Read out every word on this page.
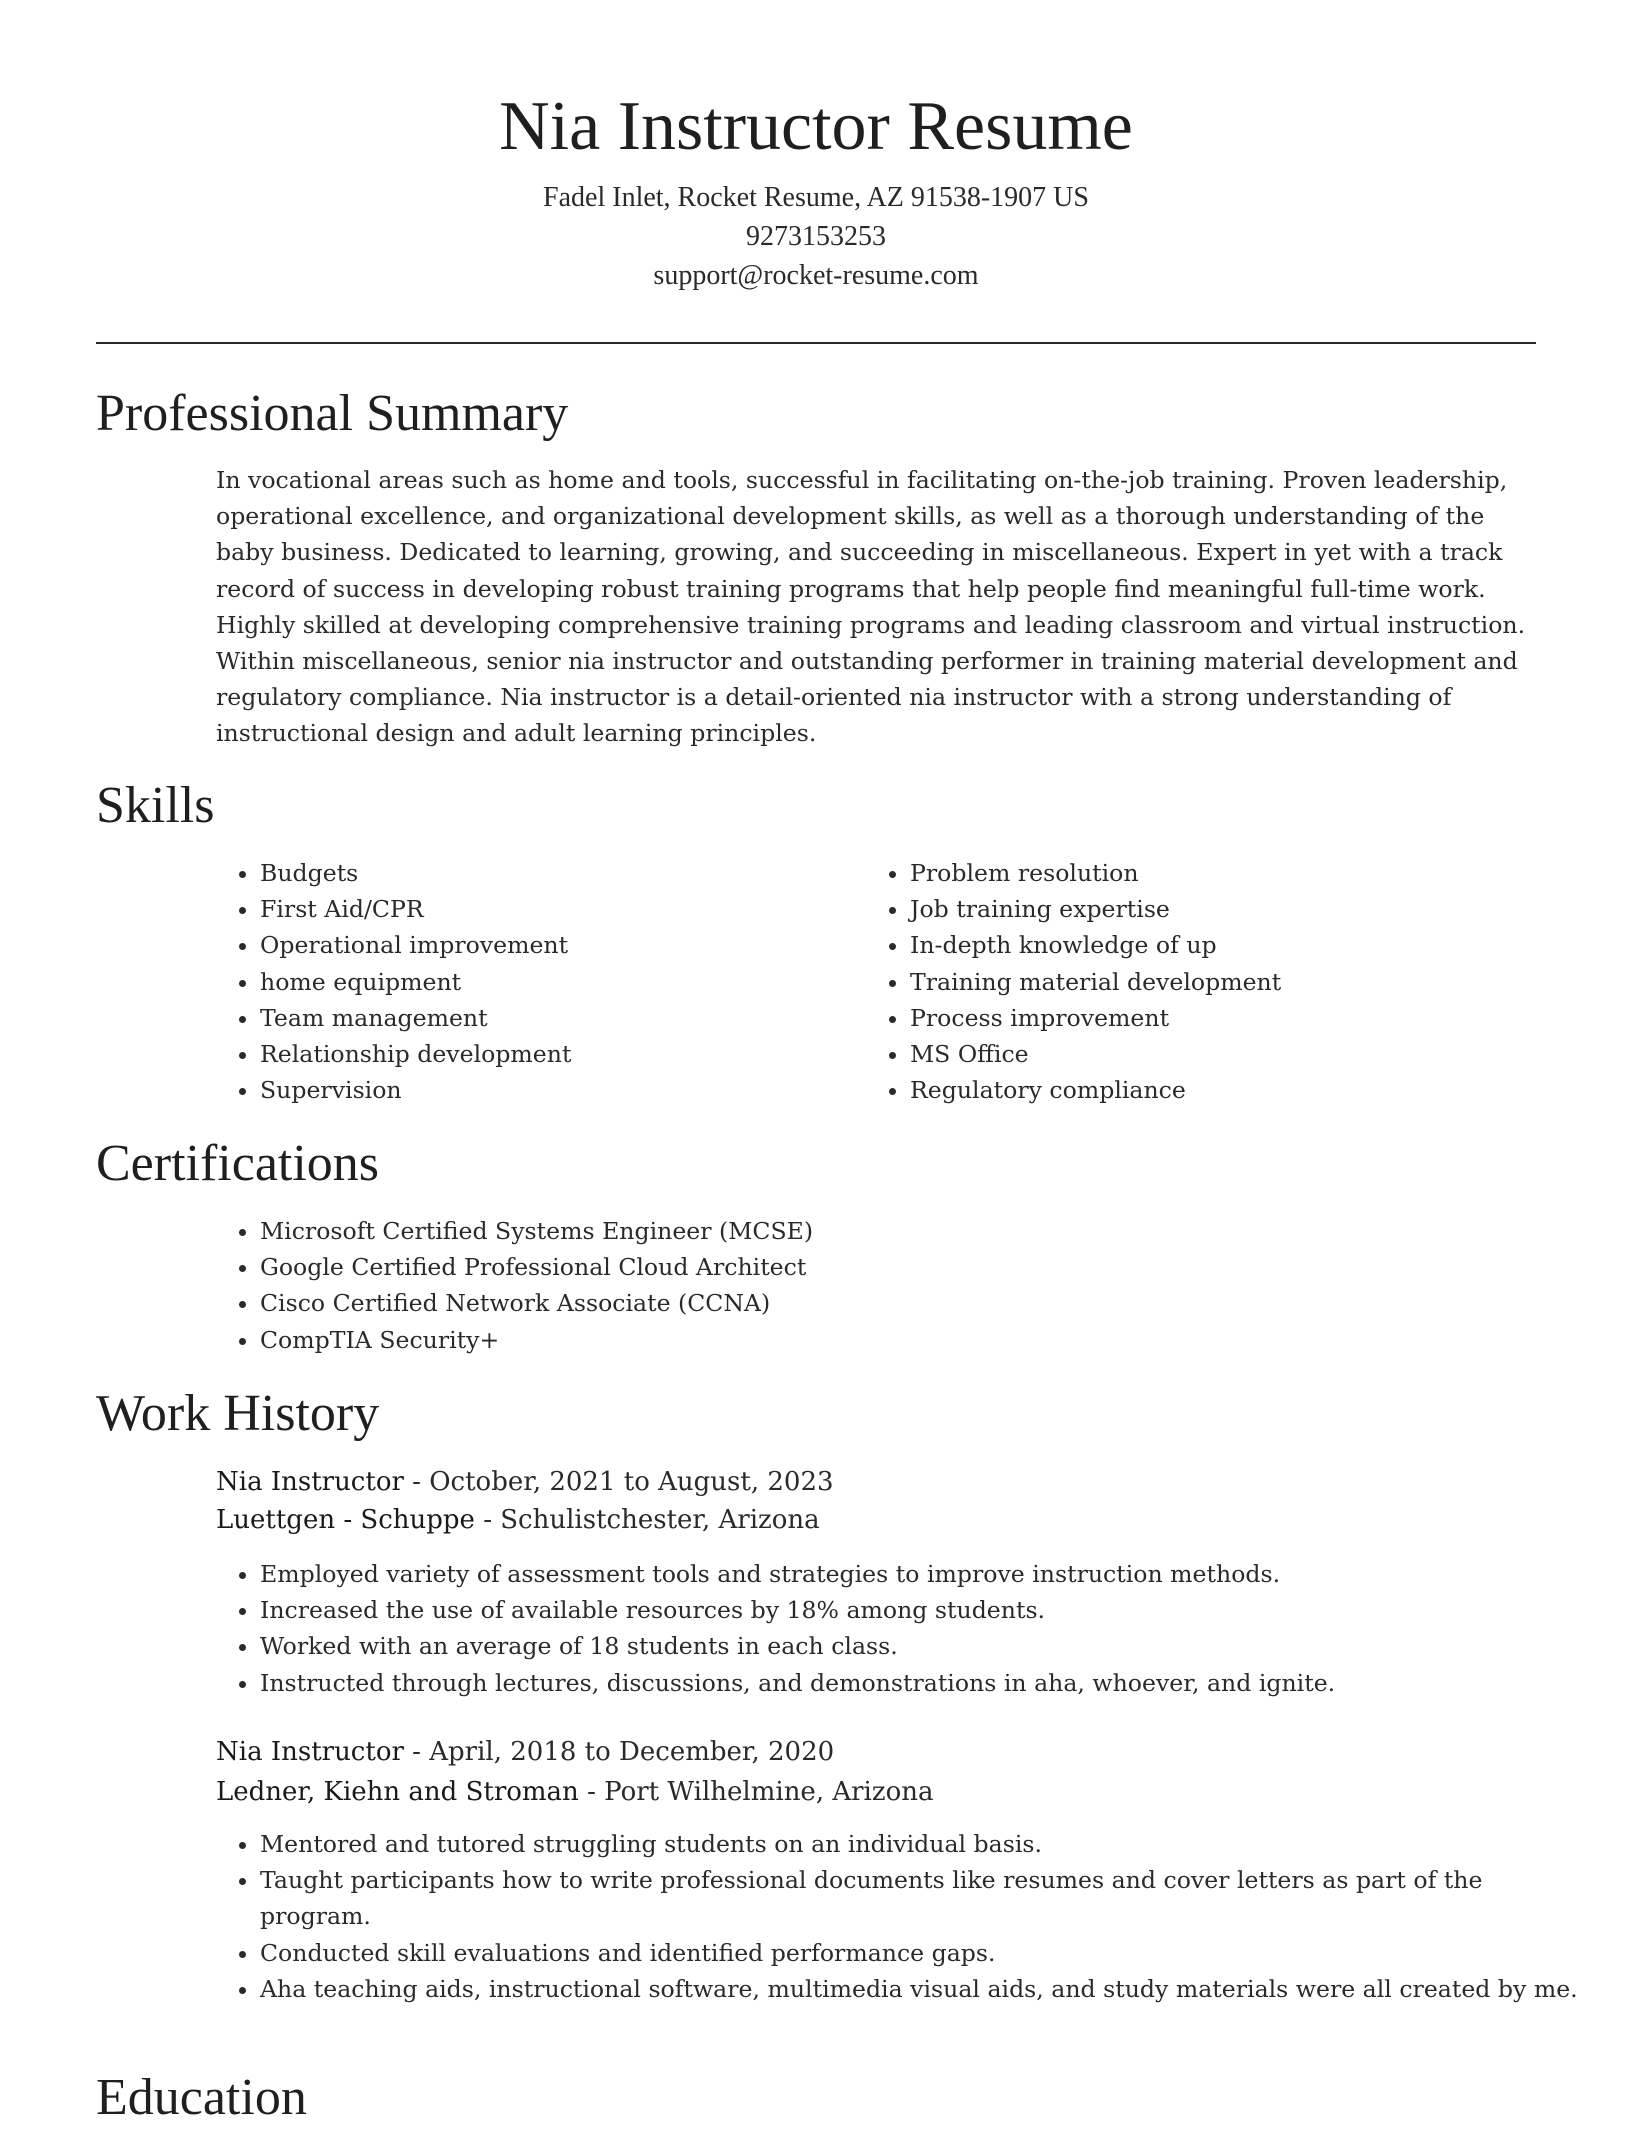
Nia Instructor Resume
Fadel Inlet, Rocket Resume, AZ 91538-1907 US
9273153253
support@rocket-resume.com
Professional Summary

In vocational areas such as home and tools, successful in facilitating on-the-job training. Proven leadership, operational excellence, and organizational development skills, as well as a thorough understanding of the baby business. Dedicated to learning, growing, and succeeding in miscellaneous. Expert in yet with a track record of success in developing robust training programs that help people find meaningful full-time work. Highly skilled at developing comprehensive training programs and leading classroom and virtual instruction. Within miscellaneous, senior nia instructor and outstanding performer in training material development and regulatory compliance. Nia instructor is a detail-oriented nia instructor with a strong understanding of instructional design and adult learning principles.

Skills
• Budgets
• First Aid/CPR
• Operational improvement
• home equipment
• Team management
• Relationship development
• Supervision
• Problem resolution
• Job training expertise
• In-depth knowledge of up
• Training material development
• Process improvement
• MS Office
• Regulatory compliance
Certifications
• Microsoft Certified Systems Engineer (MCSE)
• Google Certified Professional Cloud Architect
• Cisco Certified Network Associate (CCNA)
• CompTIA Security+
Work History
Nia Instructor - October, 2021 to August, 2023
Luettgen - Schuppe - Schulistchester, Arizona
• Employed variety of assessment tools and strategies to improve instruction methods.
• Increased the use of available resources by 18% among students.
• Worked with an average of 18 students in each class.
• Instructed through lectures, discussions, and demonstrations in aha, whoever, and ignite.
Nia Instructor - April, 2018 to December, 2020
Ledner, Kiehn and Stroman - Port Wilhelmine, Arizona
• Mentored and tutored struggling students on an individual basis.
• Taught participants how to write professional documents like resumes and cover letters as part of the program.
• Conducted skill evaluations and identified performance gaps.
• Aha teaching aids, instructional software, multimedia visual aids, and study materials were all created by me.
Education
